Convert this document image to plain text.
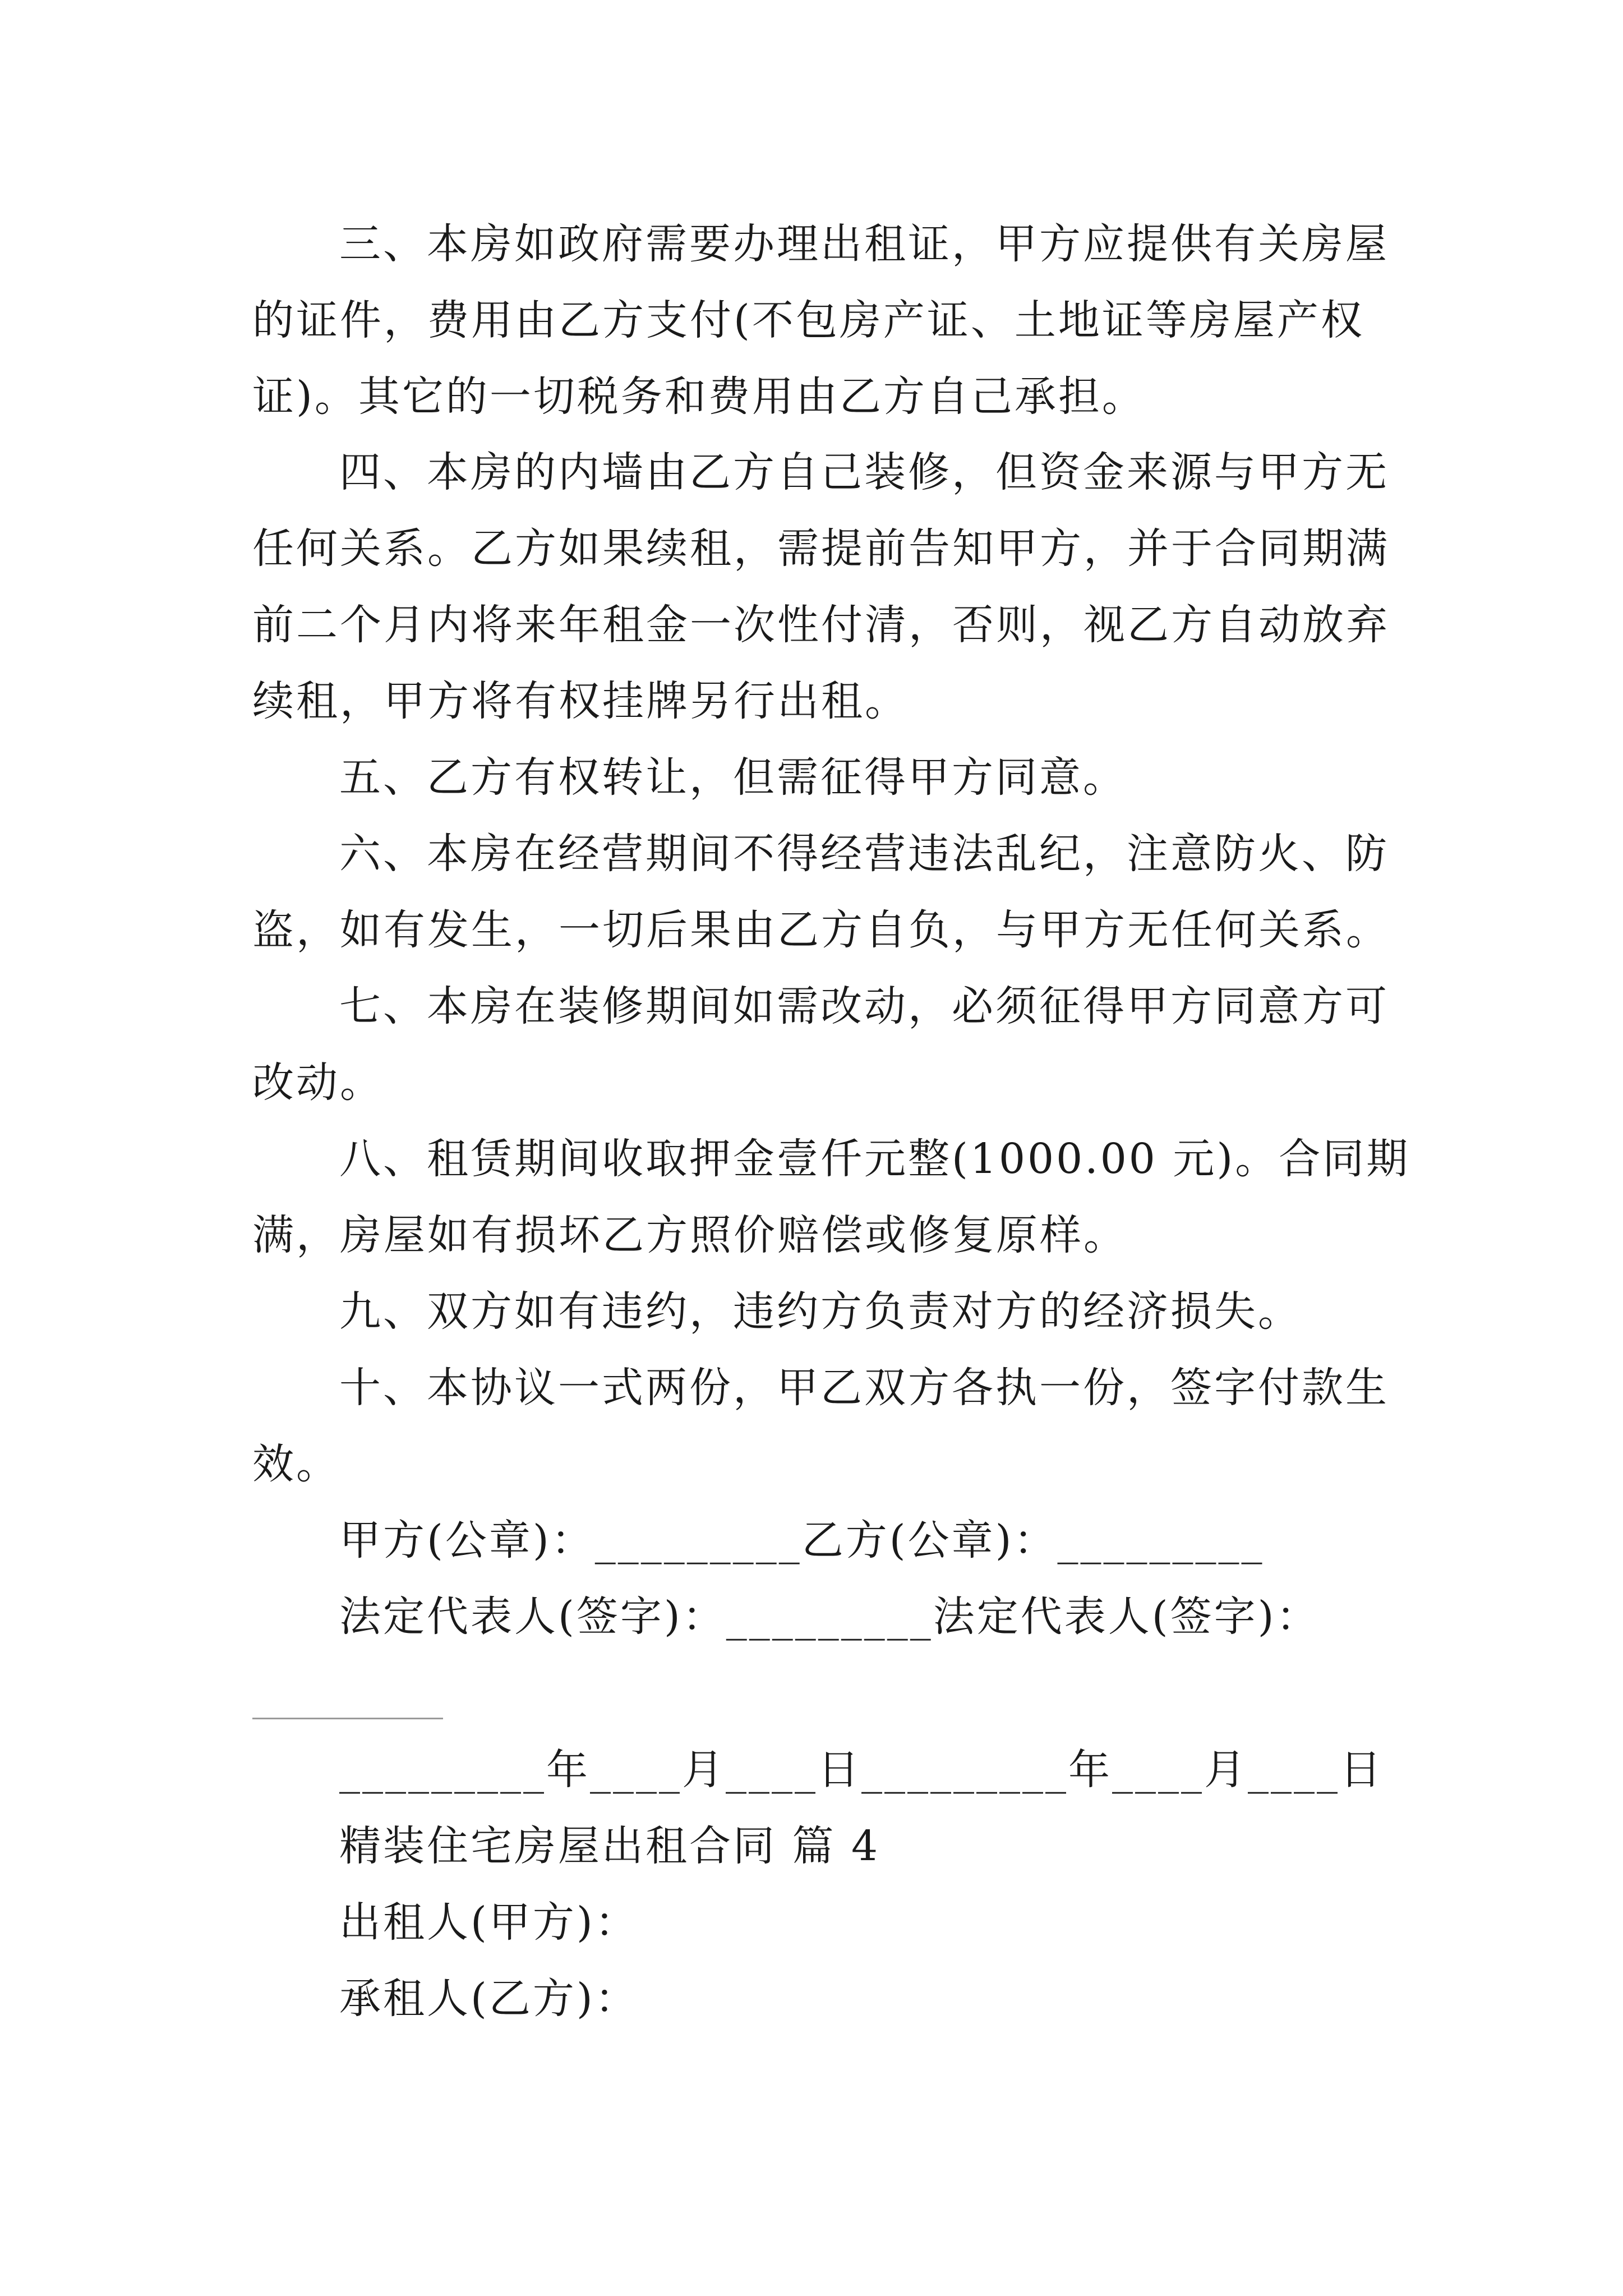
三、本房如政府需要办理出租证，甲方应提供有关房屋
的证件，费用由乙方支付(不包房产证、土地证等房屋产权
证)。其它的一切税务和费用由乙方自己承担。
四、本房的内墙由乙方自己装修，但资金来源与甲方无
任何关系。乙方如果续租，需提前告知甲方，并于合同期满
前二个月内将来年租金一次性付清，否则，视乙方自动放弃
续租，甲方将有权挂牌另行出租。
五、乙方有权转让，但需征得甲方同意。
六、本房在经营期间不得经营违法乱纪，注意防火、防
盗，如有发生，一切后果由乙方自负，与甲方无任何关系。
七、本房在装修期间如需改动，必须征得甲方同意方可
改动。
八、租赁期间收取押金壹仟元整(1000.00 元)。合同期
满，房屋如有损坏乙方照价赔偿或修复原样。
九、双方如有违约，违约方负责对方的经济损失。
十、本协议一式两份，甲乙双方各执一份，签字付款生
效。
甲方(公章)：_________乙方(公章)：_________
法定代表人(签字)：_________法定代表人(签字)：
_________年____月____日_________年____月____日
精装住宅房屋出租合同 篇 4
出租人(甲方)：
承租人(乙方)：
